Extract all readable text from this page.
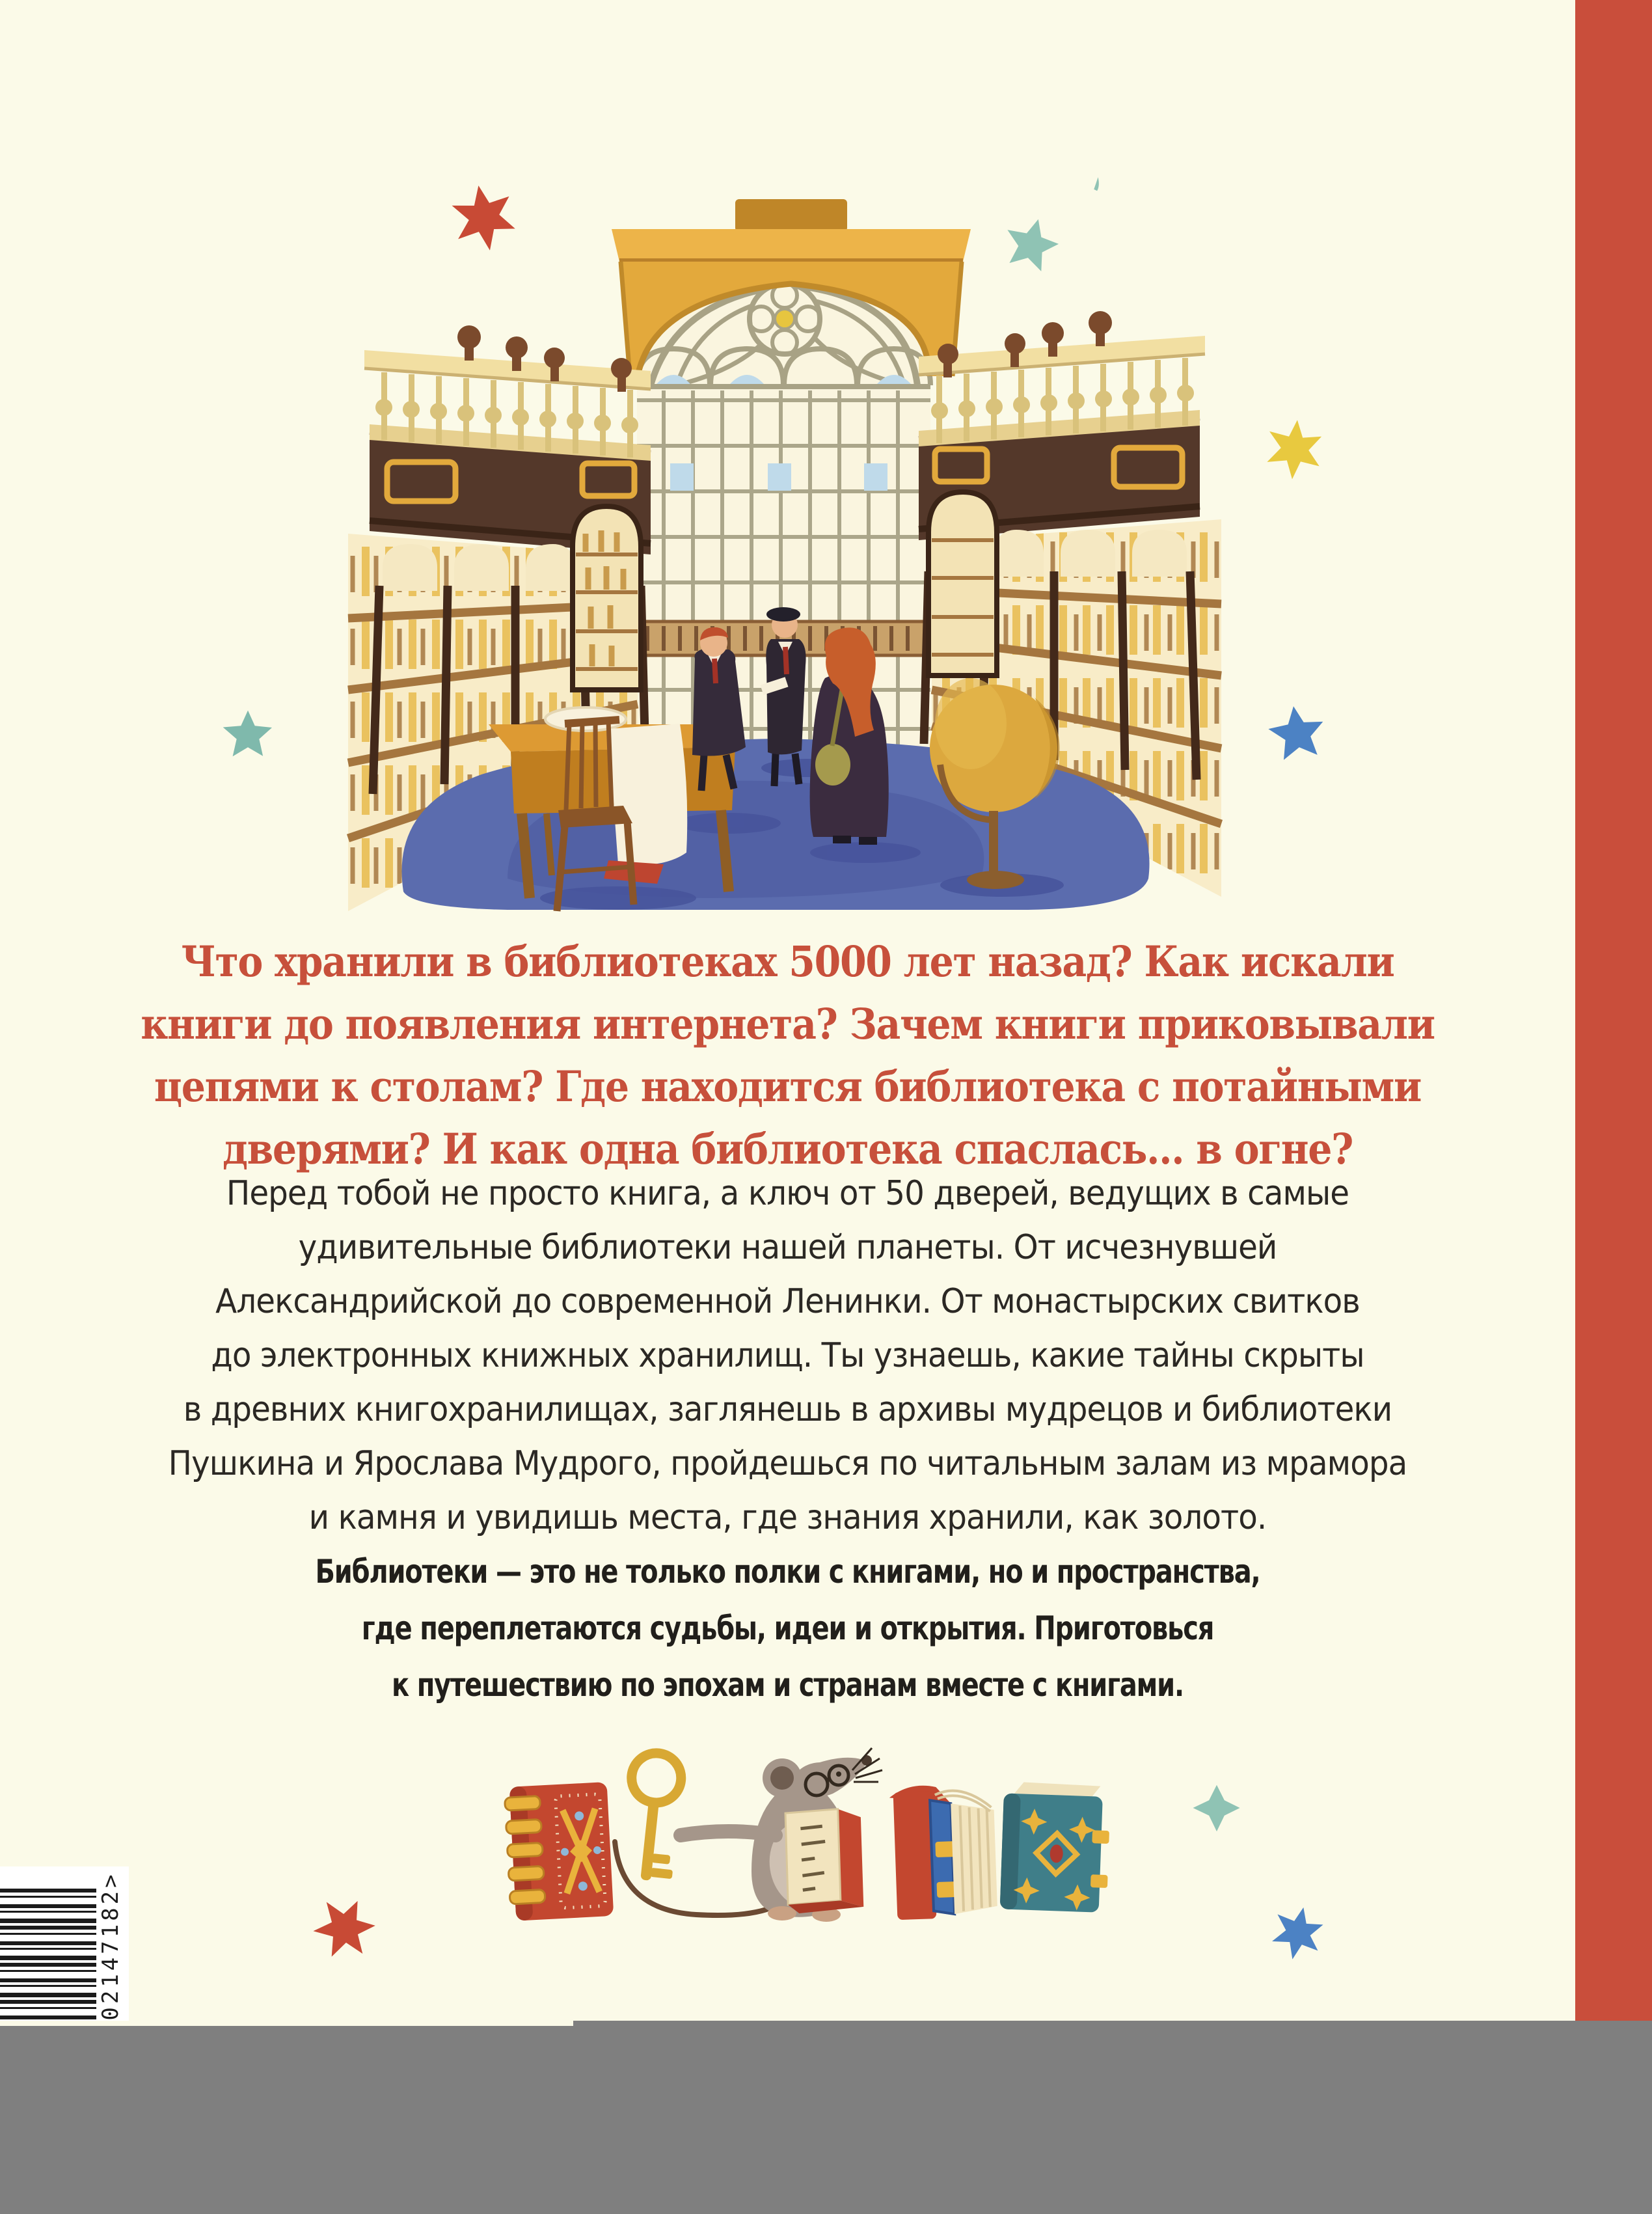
Что хранили в библиотеках 5000 лет назад? Как искали
книги до появления интернета? Зачем книги приковывали
цепями к столам? Где находится библиотека с потайными
дверями? И как одна библиотека спаслась… в огне?
Перед тобой не просто книга, а ключ от 50 дверей, ведущих в самые
удивительные библиотеки нашей планеты. От исчезнувшей
Александрийской до современной Ленинки. От монастырских свитков
до электронных книжных хранилищ. Ты узнаешь, какие тайны скрыты
в древних книгохранилищах, заглянешь в архивы мудрецов и библиотеки
Пушкина и Ярослава Мудрого, пройдешься по читальным залам из мрамора
и камня и увидишь места, где знания хранили, как золото.
Библиотеки — это не только полки с книгами, но и пространства,
где переплетаются судьбы, идеи и открытия. Приготовься
к путешествию по эпохам и странам вместе с книгами.
02147182>
